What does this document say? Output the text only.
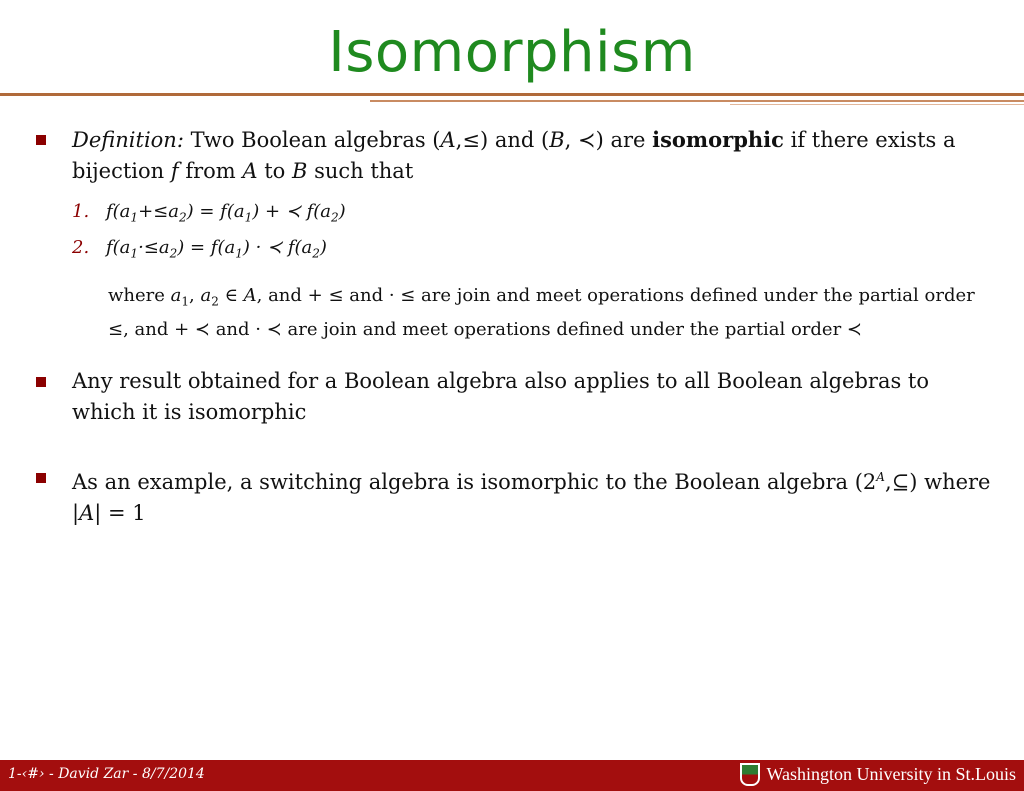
Isomorphism
Definition: Two Boolean algebras (A,≤) and (B, ≺) are isomorphic if there exists a bijection f from A to B such that
1. $f(a_1+\le a_2) = f(a_1)$ + ≺ $f(a_2)$
2. $f(a_1\cdot\le a_2) = f(a_1)$ · ≺ $f(a_2)$
where $a_1$, $a_2$ ∈ A, and + ≤ and · ≤ are join and meet operations defined under the partial order ≤, and + ≺ and · ≺ are join and meet operations defined under the partial order ≺
Any result obtained for a Boolean algebra also applies to all Boolean algebras to which it is isomorphic
As an example, a switching algebra is isomorphic to the Boolean algebra $(2^A,⊆)$ where |A| = 1
1-‹#› - David Zar - 8/7/2014	Washington University in St.Louis
